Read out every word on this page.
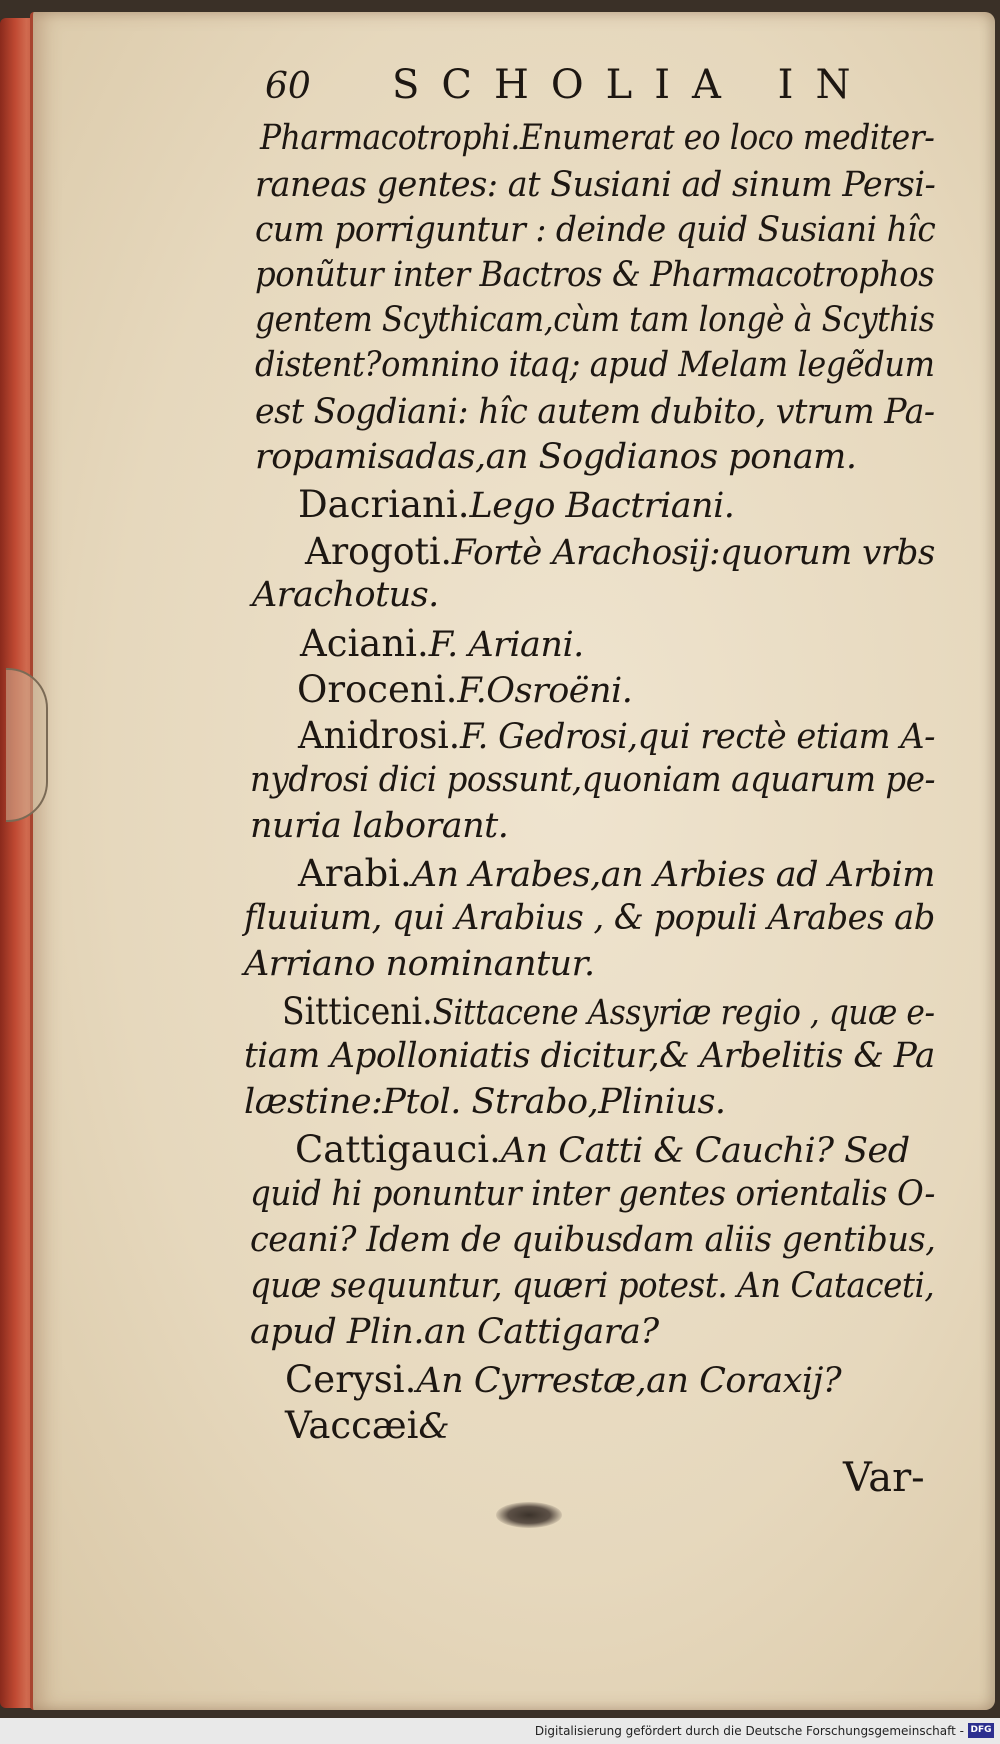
60 SCHOLIA IN
Pharmacotrophi.Enumerat eo loco mediter-
raneas gentes: at Susiani ad sinum Persi-
cum porriguntur : deinde quid Susiani hîc
ponũtur inter Bactros & Pharmacotrophos
gentem Scythicam,cùm tam longè à Scythis
distent?omnino itaq; apud Melam legẽdum
est Sogdiani: hîc autem dubito, vtrum Pa-
ropamisadas,an Sogdianos ponam.
Dacriani.Lego Bactriani.
Arogoti.Fortè Arachosij:quorum vrbs
Arachotus.
Aciani.F. Ariani.
Oroceni.F.Osroëni.
Anidrosi.F. Gedrosi,qui rectè etiam A-
nydrosi dici possunt,quoniam aquarum pe-
nuria laborant.
Arabi.An Arabes,an Arbies ad Arbim
fluuium, qui Arabius , & populi Arabes ab
Arriano nominantur.
Sitticeni.Sittacene Assyriæ regio , quæ e-
tiam Apolloniatis dicitur,& Arbelitis & Pa
læstine:Ptol. Strabo,Plinius.
Cattigauci.An Catti & Cauchi? Sed
quid hi ponuntur inter gentes orientalis O-
ceani? Idem de quibusdam aliis gentibus,
quæ sequuntur, quæri potest. An Cataceti,
apud Plin.an Cattigara?
Cerysi.An Cyrrestæ,an Coraxij?
Vaccæi&
Var-
Digitalisierung gefördert durch die Deutsche Forschungsgemeinschaft - DFG
